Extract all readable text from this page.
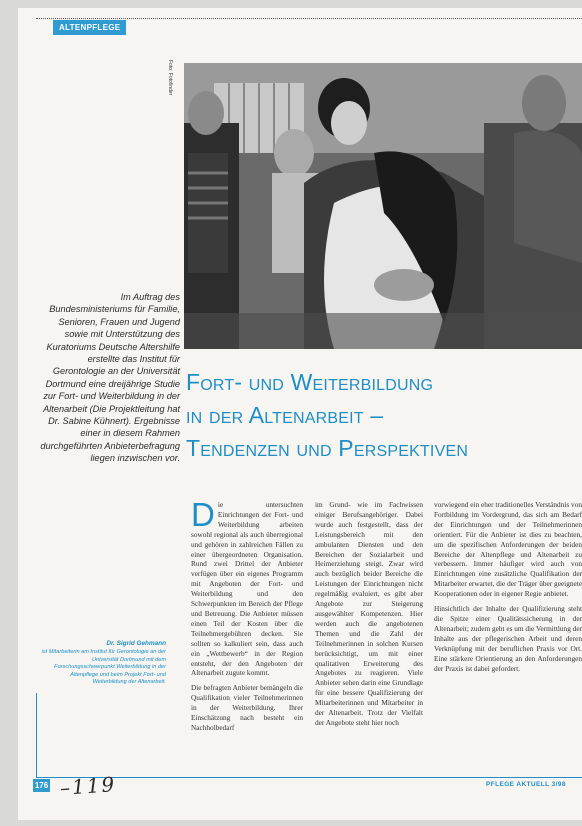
ALTENPFLEGE
Foto: Fotofinder
Im Auftrag des Bundesministeriums für Familie, Senioren, Frauen und Jugend sowie mit Unterstützung des Kuratoriums Deutsche Altershilfe erstellte das Institut für Gerontologie an der Universität Dortmund eine dreijährige Studie zur Fort- und Weiterbildung in der Altenarbeit (Die Projektleitung hat Dr. Sabine Kühnert). Ergebnisse einer in diesem Rahmen durchgeführten Anbieterbefragung liegen inzwischen vor.
Fort- und Weiterbildung
in der Altenarbeit –
Tendenzen und Perspektiven
Dr. Sigrid Gehmann
ist Mitarbeiterin am Institut für Gerontologie an der Universität Dortmund mit dem Forschungsschwerpunkt Weiterbildung in der Altenpflege und beim Projekt Fort- und Weiterbildung der Altenarbeit.

Die untersuchten Einrichtungen der Fort- und Weiterbildung arbeiten sowohl regional als auch überregional und gehören in zahlreichen Fällen zu einer übergeordneten Organisation. Rund zwei Drittel der Anbieter verfügen über ein eigenes Programm mit Angeboten der Fort- und Weiterbildung und den Schwerpunkten im Bereich der Pflege und Betreuung. Die Anbieter müssen einen Teil der Kosten über die Teilnehmergebühren decken. Sie sollten so kalkuliert sein, dass auch ein „Wettbewerb“ in der Region entsteht, der den Angeboten der Altenarbeit zugute kommt.

Die befragten Anbieter bemängeln die Qualifikation vieler Teilnehmerinnen in der Weiterbildung. Ihrer Einschätzung nach besteht ein Nachholbedarf

im Grund- wie im Fachwissen einiger Berufsangehöriger. Dabei wurde auch festgestellt, dass der Leistungsbereich mit den ambulanten Diensten und den Bereichen der Sozialarbeit und Heimerziehung steigt. Zwar wird auch bezüglich beider Bereiche die Leistungen der Einrichtungen nicht regelmäßig evaluiert, es gibt aber Angebote zur Steigerung ausgewählter Kompetenzen. Hier werden auch die angebotenen Themen und die Zahl der Teilnehmerinnen in solchen Kursen berücksichtigt, um mit einer qualitativen Erweiterung des Angebotes zu reagieren. Viele Anbieter sehen darin eine Grundlage für eine bessere Qualifizierung der Mitarbeiterinnen und Mitarbeiter in der Altenarbeit. Trotz der Vielfalt der Angebote steht hier noch

vorwiegend ein eher traditionelles Verständnis von Fortbildung im Vordergrund, das sich am Bedarf der Einrichtungen und der Teilnehmerinnen orientiert. Für die Anbieter ist dies zu beachten, um die spezifischen Anforderungen der beiden Bereiche der Altenpflege und Altenarbeit zu verbessern. Immer häufiger wird auch von Einrichtungen eine zusätzliche Qualifikation der Mitarbeiter erwartet, die der Träger über geeignete Kooperationen oder in eigener Regie anbietet.

Hinsichtlich der Inhalte der Qualifizierung steht die Spitze einer Qualitätssicherung in der Altenarbeit; zudem geht es um die Vermittlung der Inhalte aus der pflegerischen Arbeit und deren Verknüpfung mit der beruflichen Praxis vor Ort. Eine stärkere Orientierung an den Anforderungen der Praxis ist dabei gefordert.

176 –119	PFLEGE AKTUELL 3/98
